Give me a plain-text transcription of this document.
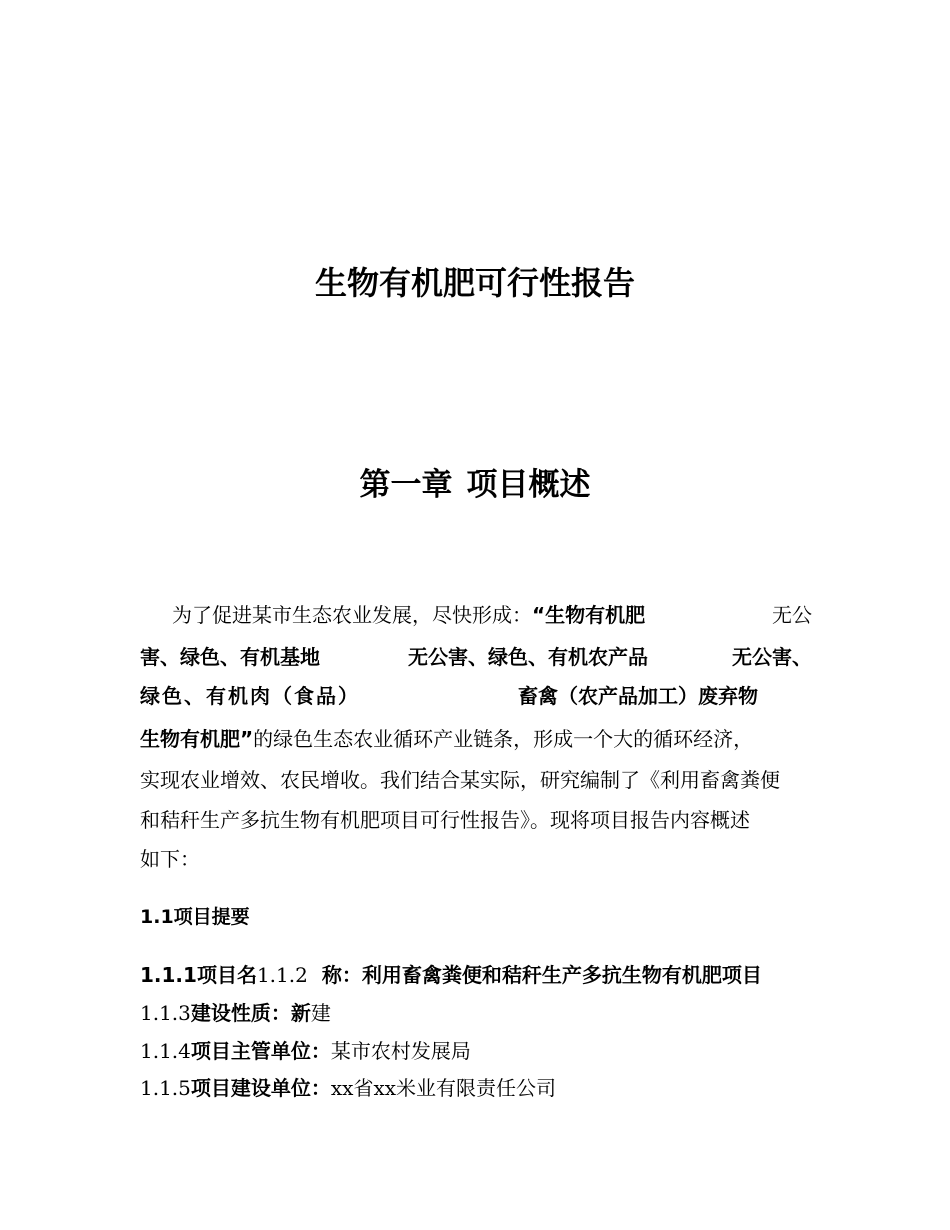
生物有机肥可行性报告
第一章 项目概述
为了促进某市生态农业发展，尽快形成：“生物有机肥	无公
害、绿色、有机基地	无公害、绿色、有机农产品	无公害、
绿色、有机肉（食品）	畜禽（农产品加工）废弃物
生物有机肥”的绿色生态农业循环产业链条，形成一个大的循环经济，
实现农业增效、农民增收。我们结合某实际，研究编制了《利用畜禽粪便
和秸秆生产多抗生物有机肥项目可行性报告》。现将项目报告内容概述
如下：
1.1项目提要
1.1.1项目名1.1.2 称：利用畜禽粪便和秸秆生产多抗生物有机肥项目
1.1.3建设性质：新建
1.1.4项目主管单位：某市农村发展局
1.1.5项目建设单位：xx省xx米业有限责任公司
